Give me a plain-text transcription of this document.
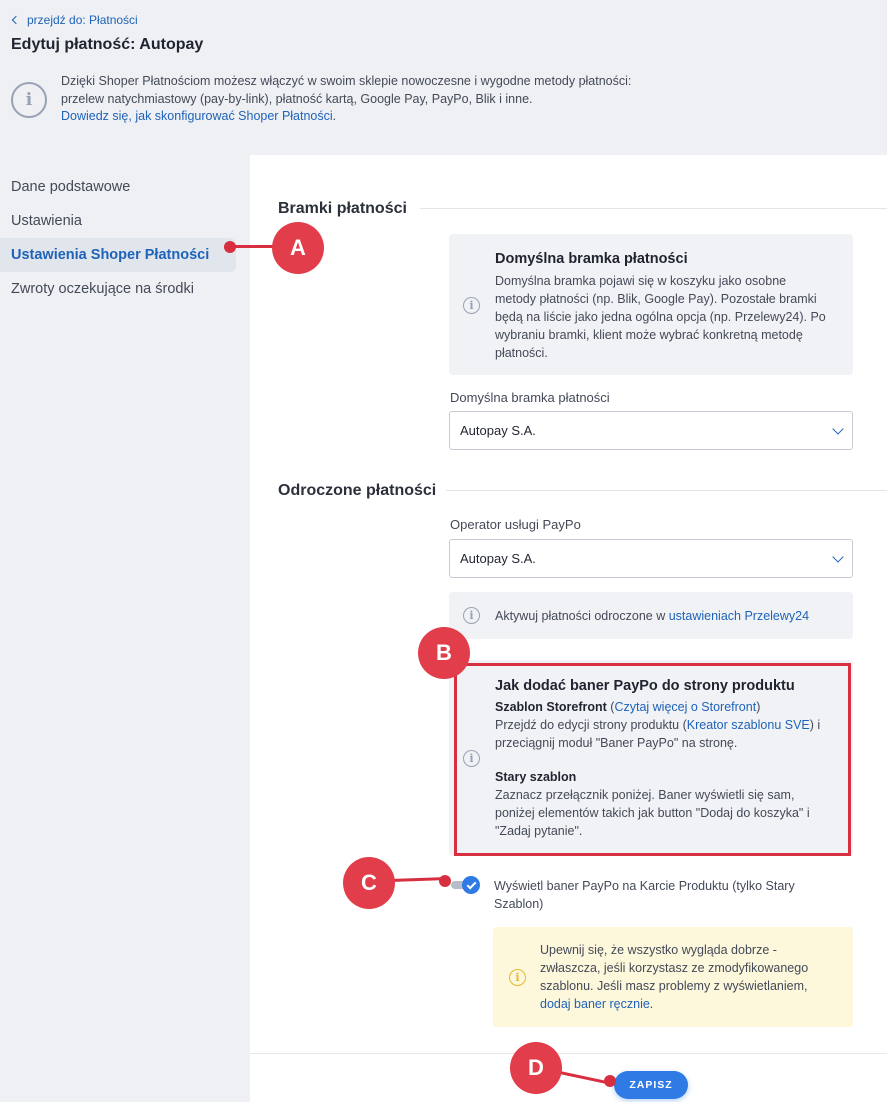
przejdź do: Płatności
Edytuj płatność: Autopay
i
Dzięki Shoper Płatnościom możesz włączyć w swoim sklepie nowoczesne i wygodne metody płatności:
przelew natychmiastowy (pay-by-link), płatność kartą, Google Pay, PayPo, Blik i inne.
Dowiedz się, jak skonfigurować Shoper Płatności.
Dane podstawowe
Ustawienia
Ustawienia Shoper Płatności
Zwroty oczekujące na środki
Bramki płatności
i
Domyślna bramka płatności
Domyślna bramka pojawi się w koszyku jako osobne
metody płatności (np. Blik, Google Pay). Pozostałe bramki
będą na liście jako jedna ogólna opcja (np. Przelewy24). Po
wybraniu bramki, klient może wybrać konkretną metodę
płatności.
Domyślna bramka płatności
Autopay S.A.
Odroczone płatności
Operator usługi PayPo
Autopay S.A.
i	Aktywuj płatności odroczone w ustawieniach Przelewy24
i
Jak dodać baner PayPo do strony produktu
Szablon Storefront (Czytaj więcej o Storefront)
Przejdź do edycji strony produktu (Kreator szablonu SVE) i
przeciągnij moduł "Baner PayPo" na stronę.
Stary szablon
Zaznacz przełącznik poniżej. Baner wyświetli się sam,
poniżej elementów takich jak button "Dodaj do koszyka" i
"Zadaj pytanie".
Wyświetl baner PayPo na Karcie Produktu (tylko Stary
Szablon)
i
Upewnij się, że wszystko wygląda dobrze -
zwłaszcza, jeśli korzystasz ze zmodyfikowanego
szablonu. Jeśli masz problemy z wyświetlaniem,
dodaj baner ręcznie.
ZAPISZ
A
B
C
D
